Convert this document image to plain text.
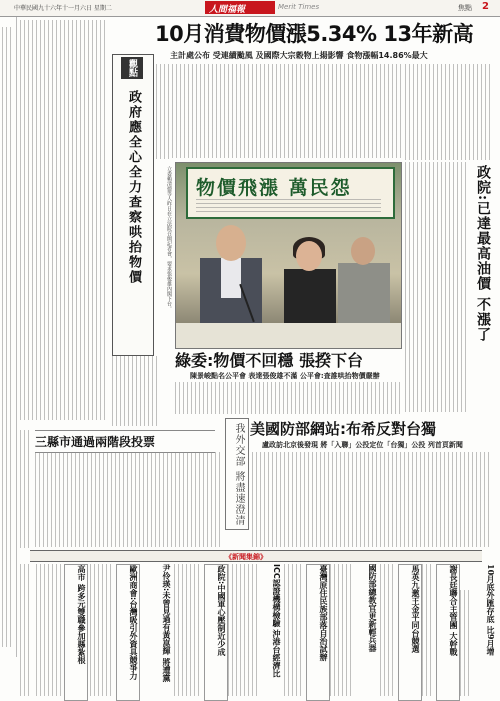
中華民國九十六年十一月六日 星期二	人間福報	Merit Times	焦點 2
觀點
政府應全心全力查察哄抬物價
10月消費物價漲5.34% 13年新高
主計處公布 受連續颱風 及國際大宗穀物上揚影響 食物漲幅14.86%最大
立委賴清德等人昨日在立法院召開記者會，要求張俊雄內閣下台。 物價飛漲 萬民怨	政院:已達最高油價 不漲了
綠委:物價不回穩 張揆下台
陳景峻點名公平會 表達張俊雄不滿 公平會:查誰哄抬物價嚴辦
三縣市通過兩階段投票	我外交部 將盡速澄清 美國防部網站:布希反對台獨
盧政訪北京後發現 將「入聯」公投定位「台獨」公投 列首頁新聞
《新聞集錦》
高市 跨多元雙職參加縣紮根	歐洲商會:台灣吸引外資具競爭力	尹伶瑛:未曾見過有黃崑輝 將遭黨	政院:中國軍心壓制近少成	ICC認證機構檢驗 沖港台經濟比	臺灣原住民族部落自治試辦	國防部總教官更新輕兵器	馬英九邀王金平同台競選	謝長廷聯合主管團 大幹戰	10月底外匯存底 比9月增
